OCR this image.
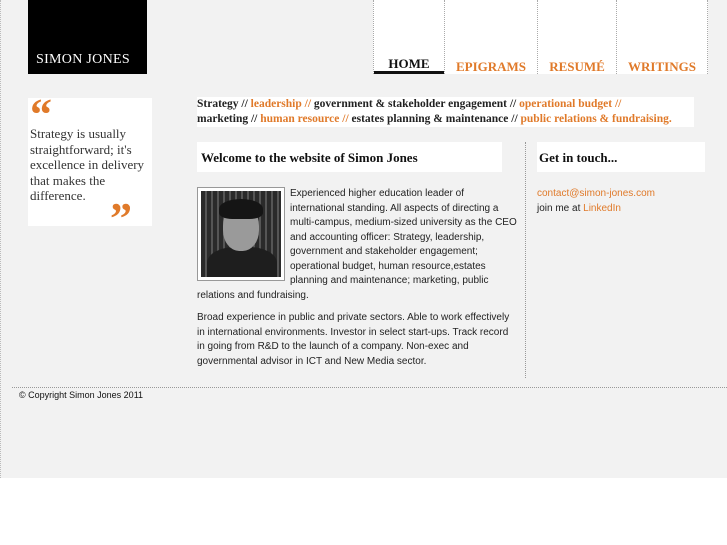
SIMON JONES	HOME	EPIGRAMS	RESUMÉ	WRITINGS
“
Strategy is usually straightforward; it's excellence in delivery that makes the difference. ”
Strategy // leadership // government & stakeholder engagement // operational budget //
marketing // human resource // estates planning & maintenance // public relations & fundraising.
Welcome to the website of Simon Jones	Get in touch...

Experienced higher education leader of international standing. All aspects of directing a multi-campus, medium-sized university as the CEO and accounting officer: Strategy, leadership, government and stakeholder engagement; operational budget, human resource,estates planning and maintenance; marketing, public relations and fundraising.

Broad experience in public and private sectors. Able to work effectively in international environments. Investor in select start-ups. Track record in going from R&D to the launch of a company. Non-exec and governmental advisor in ICT and New Media sector.

contact@simon-jones.com
join me at LinkedIn
© Copyright Simon Jones 2011
